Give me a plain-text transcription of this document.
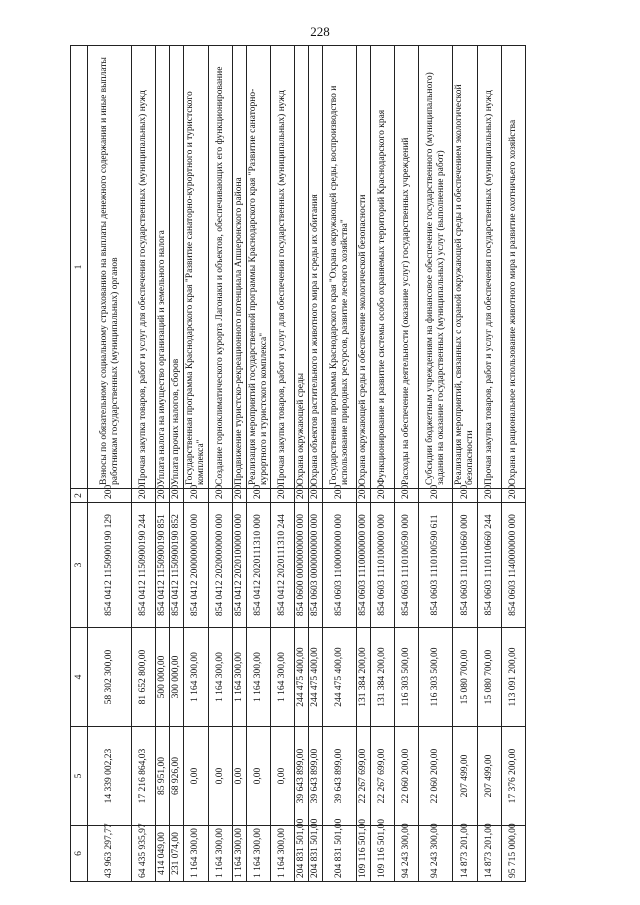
228
6	5	4	3	2	1
43 963 297,77	14 339 002,23	58 302 300,00	854 0412 1150900190 129	200	Взносы по обязательному социальному страхованию на выплаты денежного содержания и иные выплаты работникам государственных (муниципальных) органов
64 435 935,97	17 216 864,03	81 652 800,00	854 0412 1150900190 244	200	Прочая закупка товаров, работ и услуг для обеспечения государственных (муниципальных) нужд
414 049,00	85 951,00	500 000,00	854 0412 1150900190 851	200	Уплата налога на имущество организаций и земельного налога
231 074,00	68 926,00	300 000,00	854 0412 1150900190 852	200	Уплата прочих налогов, сборов
1 164 300,00	0,00	1 164 300,00	854 0412 2000000000 000	200	Государственная программа Краснодарского края "Развитие санаторно-курортного и туристского комплекса"
1 164 300,00	0,00	1 164 300,00	854 0412 2020000000 000	200	Создание горноклиматического курорта Лагонаки и объектов, обеспечивающих его функционирование
1 164 300,00	0,00	1 164 300,00	854 0412 2020100000 000	200	Продвижение туристско-рекреационного потенциала Апшеронского района
1 164 300,00	0,00	1 164 300,00	854 0412 2020111310 000	200	Реализация мероприятий государственной программы Краснодарского края "Развитие санаторно-курортного и туристского комплекса"
1 164 300,00	0,00	1 164 300,00	854 0412 2020111310 244	200	Прочая закупка товаров, работ и услуг для обеспечения государственных (муниципальных) нужд
204 831 501,00	39 643 899,00	244 475 400,00	854 0600 0000000000 000	200	Охрана окружающей среды
204 831 501,00	39 643 899,00	244 475 400,00	854 0603 0000000000 000	200	Охрана объектов растительного и животного мира и среды их обитания
204 831 501,00	39 643 899,00	244 475 400,00	854 0603 1100000000 000	200	Государственная программа Краснодарского края "Охрана окружающей среды, воспроизводство и использование природных ресурсов, развитие лесного хозяйства"
109 116 501,00	22 267 699,00	131 384 200,00	854 0603 1110000000 000	200	Охрана окружающей среды и обеспечение экологической безопасности
109 116 501,00	22 267 699,00	131 384 200,00	854 0603 1110100000 000	200	Функционирование и развитие системы особо охраняемых территорий Краснодарского края
94 243 300,00	22 060 200,00	116 303 500,00	854 0603 1110100590 000	200	Расходы на обеспечение деятельности (оказание услуг) государственных учреждений
94 243 300,00	22 060 200,00	116 303 500,00	854 0603 1110100590 611	200	Субсидии бюджетным учреждениям на финансовое обеспечение государственного (муниципального) задания на оказание государственных (муниципальных) услуг (выполнение работ)
14 873 201,00	207 499,00	15 080 700,00	854 0603 1110110660 000	200	Реализация мероприятий, связанных с охраной окружающей среды и обеспечением экологической безопасности
14 873 201,00	207 499,00	15 080 700,00	854 0603 1110110660 244	200	Прочая закупка товаров, работ и услуг для обеспечения государственных (муниципальных) нужд
95 715 000,00	17 376 200,00	113 091 200,00	854 0603 1140000000 000	200	Охрана и рациональное использование животного мира и развитие охотничьего хозяйства
